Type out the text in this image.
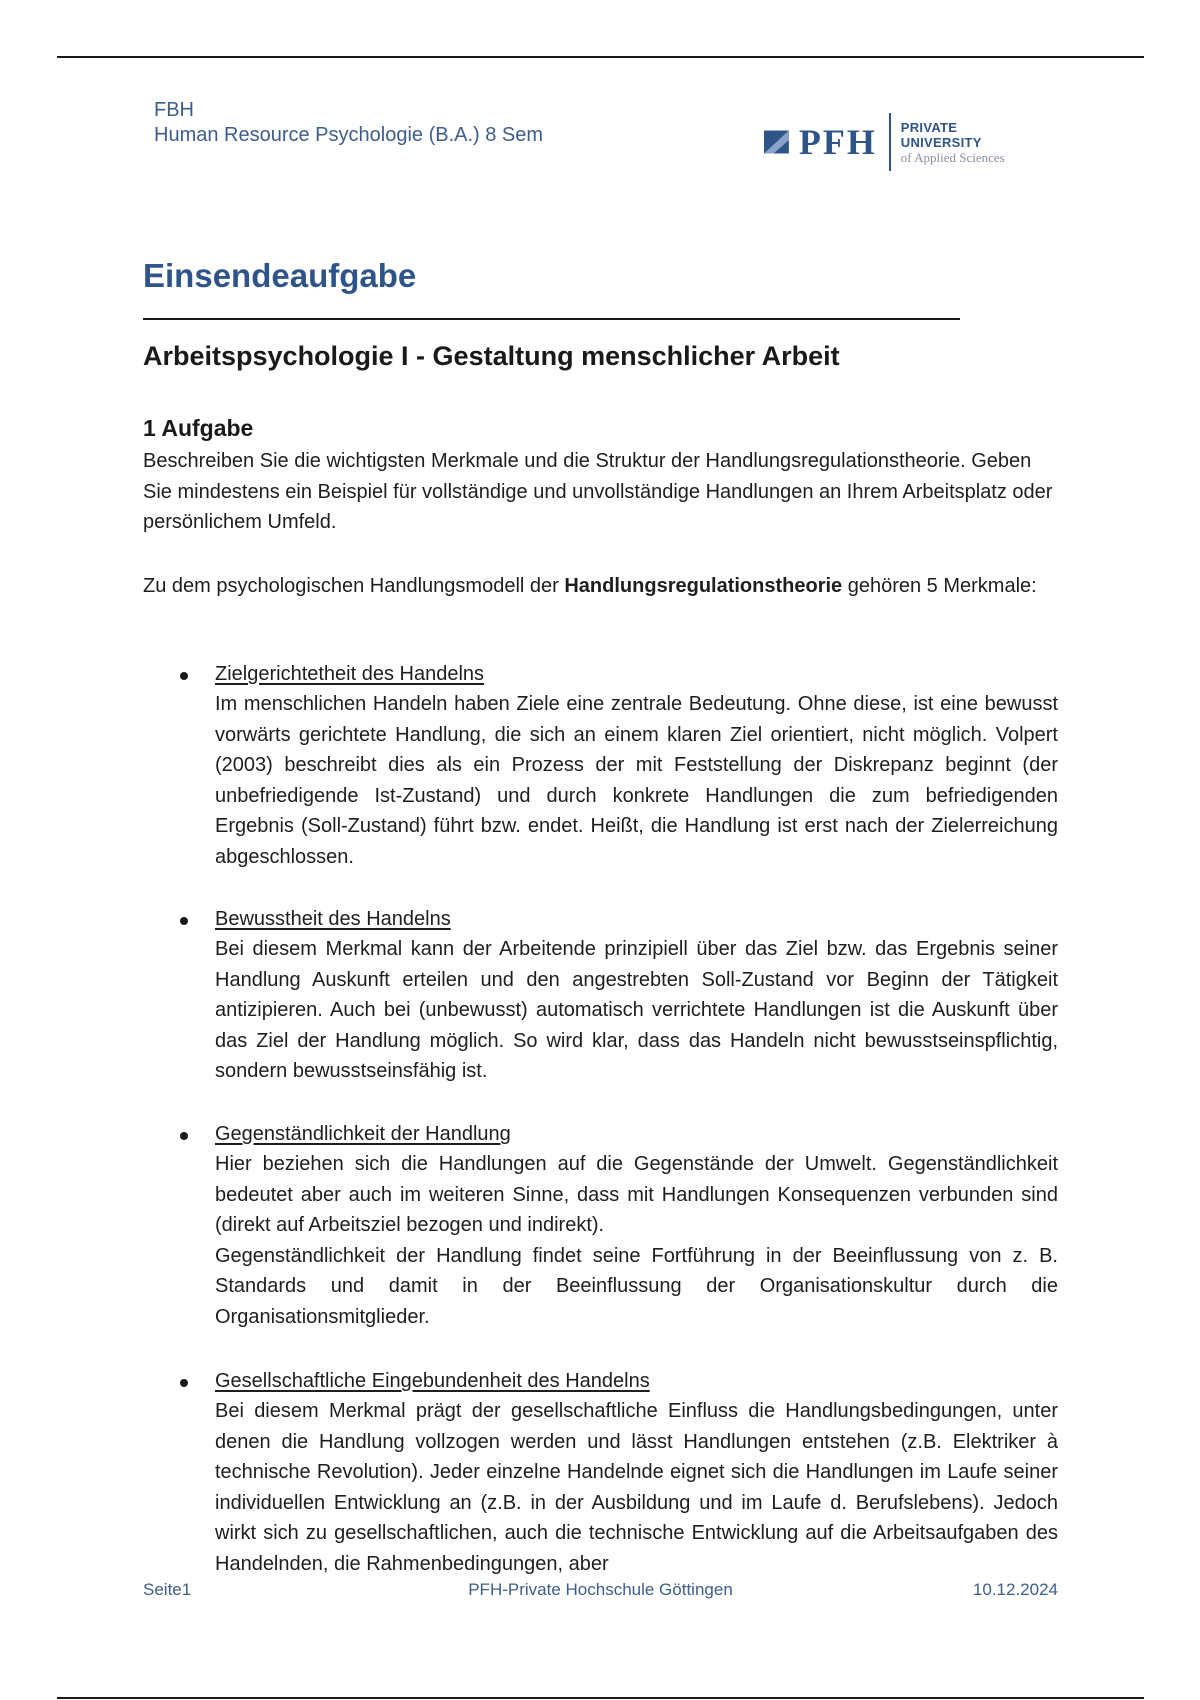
FBH
Human Resource Psychologie (B.A.) 8 Sem	PFH PRIVATE UNIVERSITY
of Applied Sciences
Einsendeaufgabe
Arbeitspsychologie I - Gestaltung menschlicher Arbeit
1 Aufgabe
Beschreiben Sie die wichtigsten Merkmale und die Struktur der Handlungsregulationstheorie. Geben Sie mindestens ein Beispiel für vollständige und unvollständige Handlungen an Ihrem Arbeitsplatz oder persönlichem Umfeld.
Zu dem psychologischen Handlungsmodell der Handlungsregulationstheorie gehören 5 Merkmale:
Zielgerichtetheit des Handelns

Im menschlichen Handeln haben Ziele eine zentrale Bedeutung. Ohne diese, ist eine bewusst vorwärts gerichtete Handlung, die sich an einem klaren Ziel orientiert, nicht möglich. Volpert (2003) beschreibt dies als ein Prozess der mit Feststellung der Diskrepanz beginnt (der unbefriedigende Ist-Zustand) und durch konkrete Handlungen die zum befriedigenden Ergebnis (Soll-Zustand) führt bzw. endet. Heißt, die Handlung ist erst nach der Zielerreichung abgeschlossen.

Bewusstheit des Handelns

Bei diesem Merkmal kann der Arbeitende prinzipiell über das Ziel bzw. das Ergebnis seiner Handlung Auskunft erteilen und den angestrebten Soll-Zustand vor Beginn der Tätigkeit antizipieren. Auch bei (unbewusst) automatisch verrichtete Handlungen ist die Auskunft über das Ziel der Handlung möglich. So wird klar, dass das Handeln nicht bewusstseinspflichtig, sondern bewusstseinsfähig ist.

Gegenständlichkeit der Handlung

Hier beziehen sich die Handlungen auf die Gegenstände der Umwelt. Gegenständlichkeit bedeutet aber auch im weiteren Sinne, dass mit Handlungen Konsequenzen verbunden sind (direkt auf Arbeitsziel bezogen und indirekt).

Gegenständlichkeit der Handlung findet seine Fortführung in der Beeinflussung von z. B. Standards und damit in der Beeinflussung der Organisationskultur durch die Organisationsmitglieder.

Gesellschaftliche Eingebundenheit des Handelns

Bei diesem Merkmal prägt der gesellschaftliche Einfluss die Handlungsbedingungen, unter denen die Handlung vollzogen werden und lässt Handlungen entstehen (z.B. Elektriker à technische Revolution). Jeder einzelne Handelnde eignet sich die Handlungen im Laufe seiner individuellen Entwicklung an (z.B. in der Ausbildung und im Laufe d. Berufslebens). Jedoch wirkt sich zu gesellschaftlichen, auch die technische Entwicklung auf die Arbeitsaufgaben des Handelnden, die Rahmenbedingungen, aber

Seite1	PFH-Private Hochschule Göttingen	10.12.2024
